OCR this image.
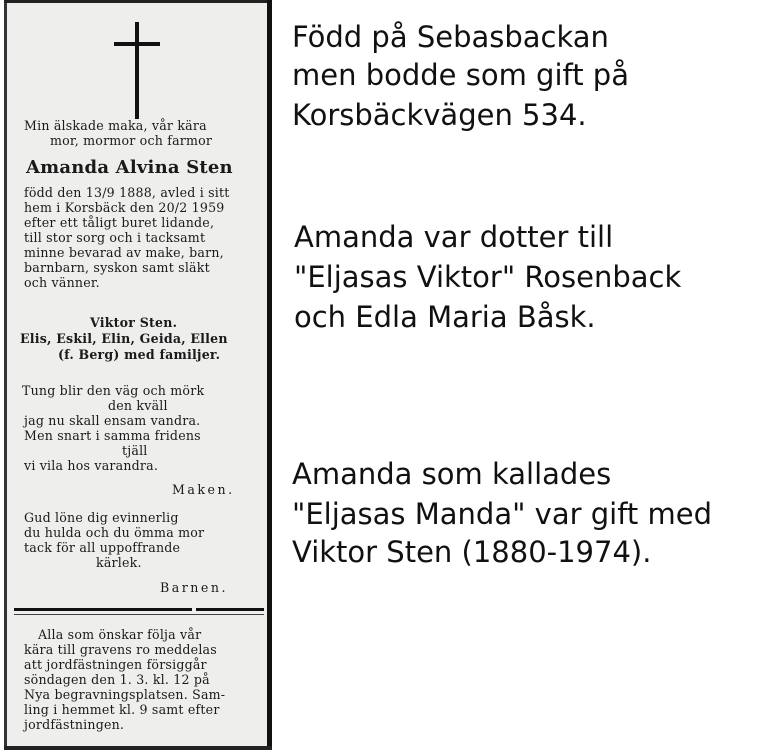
Min älskade maka, vår kära

mor, mormor och farmor

Amanda Alvina Sten

född den 13/9 1888, avled i sitt

hem i Korsbäck den 20/2 1959

efter ett tåligt buret lidande,

till stor sorg och i tacksamt

minne bevarad av make, barn,

barnbarn, syskon samt släkt

och vänner.

Viktor Sten.

Elis, Eskil, Elin, Geida, Ellen

(f. Berg) med familjer.

Tung blir den väg och mörk

den kväll

jag nu skall ensam vandra.

Men snart i samma fridens

tjäll

vi vila hos varandra.

Maken.

Gud löne dig evinnerlig

du hulda och du ömma mor

tack för all uppoffrande

kärlek.

Barnen.

Alla som önskar följa vår

kära till gravens ro meddelas

att jordfästningen försiggår

söndagen den 1. 3. kl. 12 på

Nya begravningsplatsen. Sam-

ling i hemmet kl. 9 samt efter

jordfästningen.

Född på Sebasbackan

men bodde som gift på

Korsbäckvägen 534.

Amanda var dotter till

"Eljasas Viktor" Rosenback

och Edla Maria Båsk.

Amanda som kallades

"Eljasas Manda" var gift med

Viktor Sten (1880-1974).
